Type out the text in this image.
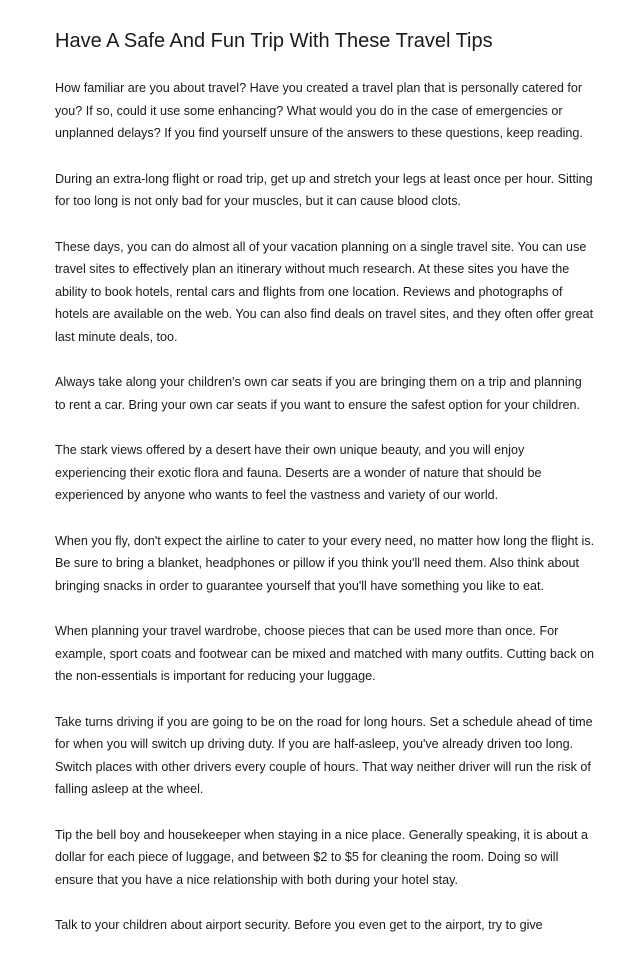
Have A Safe And Fun Trip With These Travel Tips

How familiar are you about travel? Have you created a travel plan that is personally catered for you? If so, could it use some enhancing? What would you do in the case of emergencies or unplanned delays? If you find yourself unsure of the answers to these questions, keep reading.

During an extra-long flight or road trip, get up and stretch your legs at least once per hour. Sitting for too long is not only bad for your muscles, but it can cause blood clots.

These days, you can do almost all of your vacation planning on a single travel site. You can use travel sites to effectively plan an itinerary without much research. At these sites you have the ability to book hotels, rental cars and flights from one location. Reviews and photographs of hotels are available on the web. You can also find deals on travel sites, and they often offer great last minute deals, too.

Always take along your children's own car seats if you are bringing them on a trip and planning to rent a car. Bring your own car seats if you want to ensure the safest option for your children.

The stark views offered by a desert have their own unique beauty, and you will enjoy experiencing their exotic flora and fauna. Deserts are a wonder of nature that should be experienced by anyone who wants to feel the vastness and variety of our world.

When you fly, don't expect the airline to cater to your every need, no matter how long the flight is. Be sure to bring a blanket, headphones or pillow if you think you'll need them. Also think about bringing snacks in order to guarantee yourself that you'll have something you like to eat.

When planning your travel wardrobe, choose pieces that can be used more than once. For example, sport coats and footwear can be mixed and matched with many outfits. Cutting back on the non-essentials is important for reducing your luggage.

Take turns driving if you are going to be on the road for long hours. Set a schedule ahead of time for when you will switch up driving duty. If you are half-asleep, you've already driven too long. Switch places with other drivers every couple of hours. That way neither driver will run the risk of falling asleep at the wheel.

Tip the bell boy and housekeeper when staying in a nice place. Generally speaking, it is about a dollar for each piece of luggage, and between $2 to $5 for cleaning the room. Doing so will ensure that you have a nice relationship with both during your hotel stay.

Talk to your children about airport security. Before you even get to the airport, try to give
